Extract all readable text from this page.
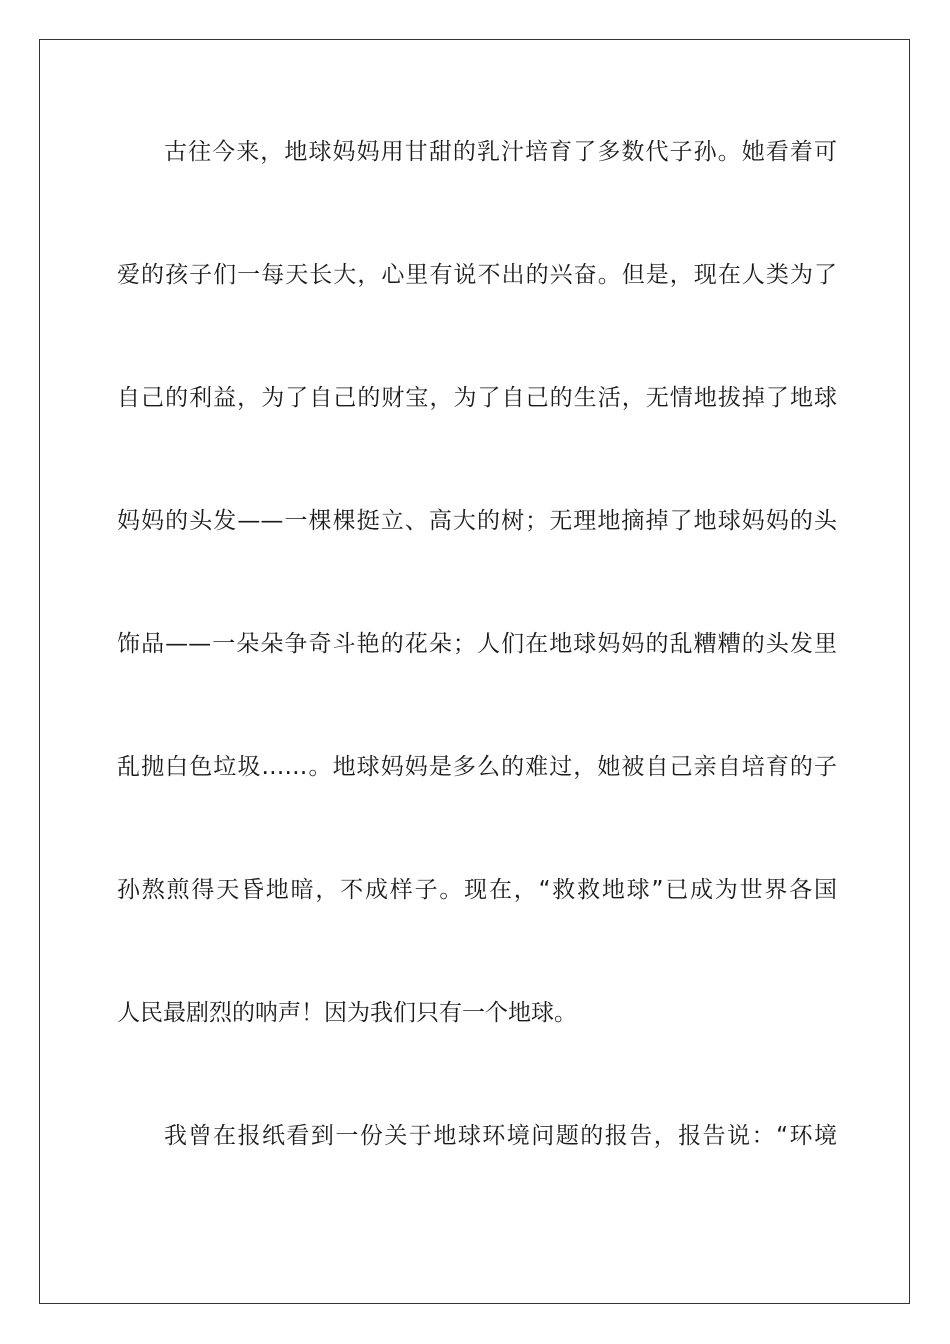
古往今来，地球妈妈用甘甜的乳汁培育了多数代子孙。她看着可
爱的孩子们一每天长大，心里有说不出的兴奋。但是，现在人类为了
自己的利益，为了自己的财宝，为了自己的生活，无情地拔掉了地球
妈妈的头发——一棵棵挺立、高大的树；无理地摘掉了地球妈妈的头
饰品——一朵朵争奇斗艳的花朵；人们在地球妈妈的乱糟糟的头发里
乱抛白色垃圾……。地球妈妈是多么的难过，她被自己亲自培育的子
孙熬煎得天昏地暗，不成样子。现在，“救救地球”已成为世界各国
人民最剧烈的呐声！因为我们只有一个地球。
我曾在报纸看到一份关于地球环境问题的报告，报告说：“环境
